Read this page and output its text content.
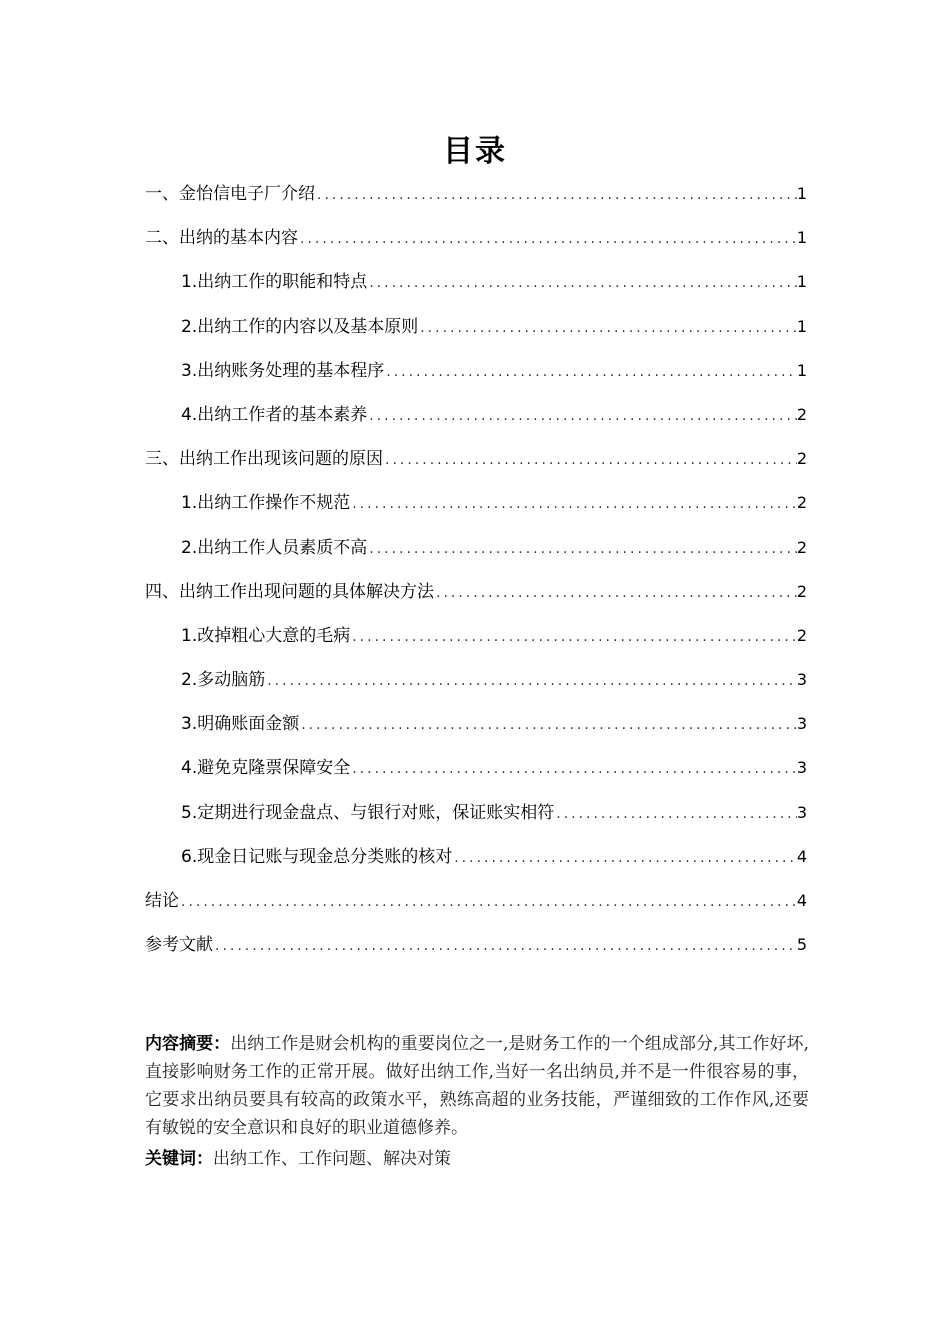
目录
一、金怡信电子厂介绍 .....	1
二、出纳的基本内容 .....	1
1.出纳工作的职能和特点 .....	1
2.出纳工作的内容以及基本原则 .....	1
3.出纳账务处理的基本程序 .....	1
4.出纳工作者的基本素养 .....	2
三、出纳工作出现该问题的原因 .....	2
1.出纳工作操作不规范 .....	2
2.出纳工作人员素质不高 .....	2
四、出纳工作出现问题的具体解决方法 .....	2
1.改掉粗心大意的毛病 .....	2
2.多动脑筋 .....	3
3.明确账面金额 .....	3
4.避免克隆票保障安全 .....	3
5.定期进行现金盘点、与银行对账，保证账实相符 .....	3
6.现金日记账与现金总分类账的核对 .....	4
结论 .....	4
参考文献 .....	5
内容摘要：出纳工作是财会机构的重要岗位之一,是财务工作的一个组成部分,其工作好坏,直接影响财务工作的正常开展。做好出纳工作,当好一名出纳员,并不是一件很容易的事，它要求出纳员要具有较高的政策水平，熟练高超的业务技能，严谨细致的工作作风,还要有敏锐的安全意识和良好的职业道德修养。
关键词：出纳工作、工作问题、解决对策
